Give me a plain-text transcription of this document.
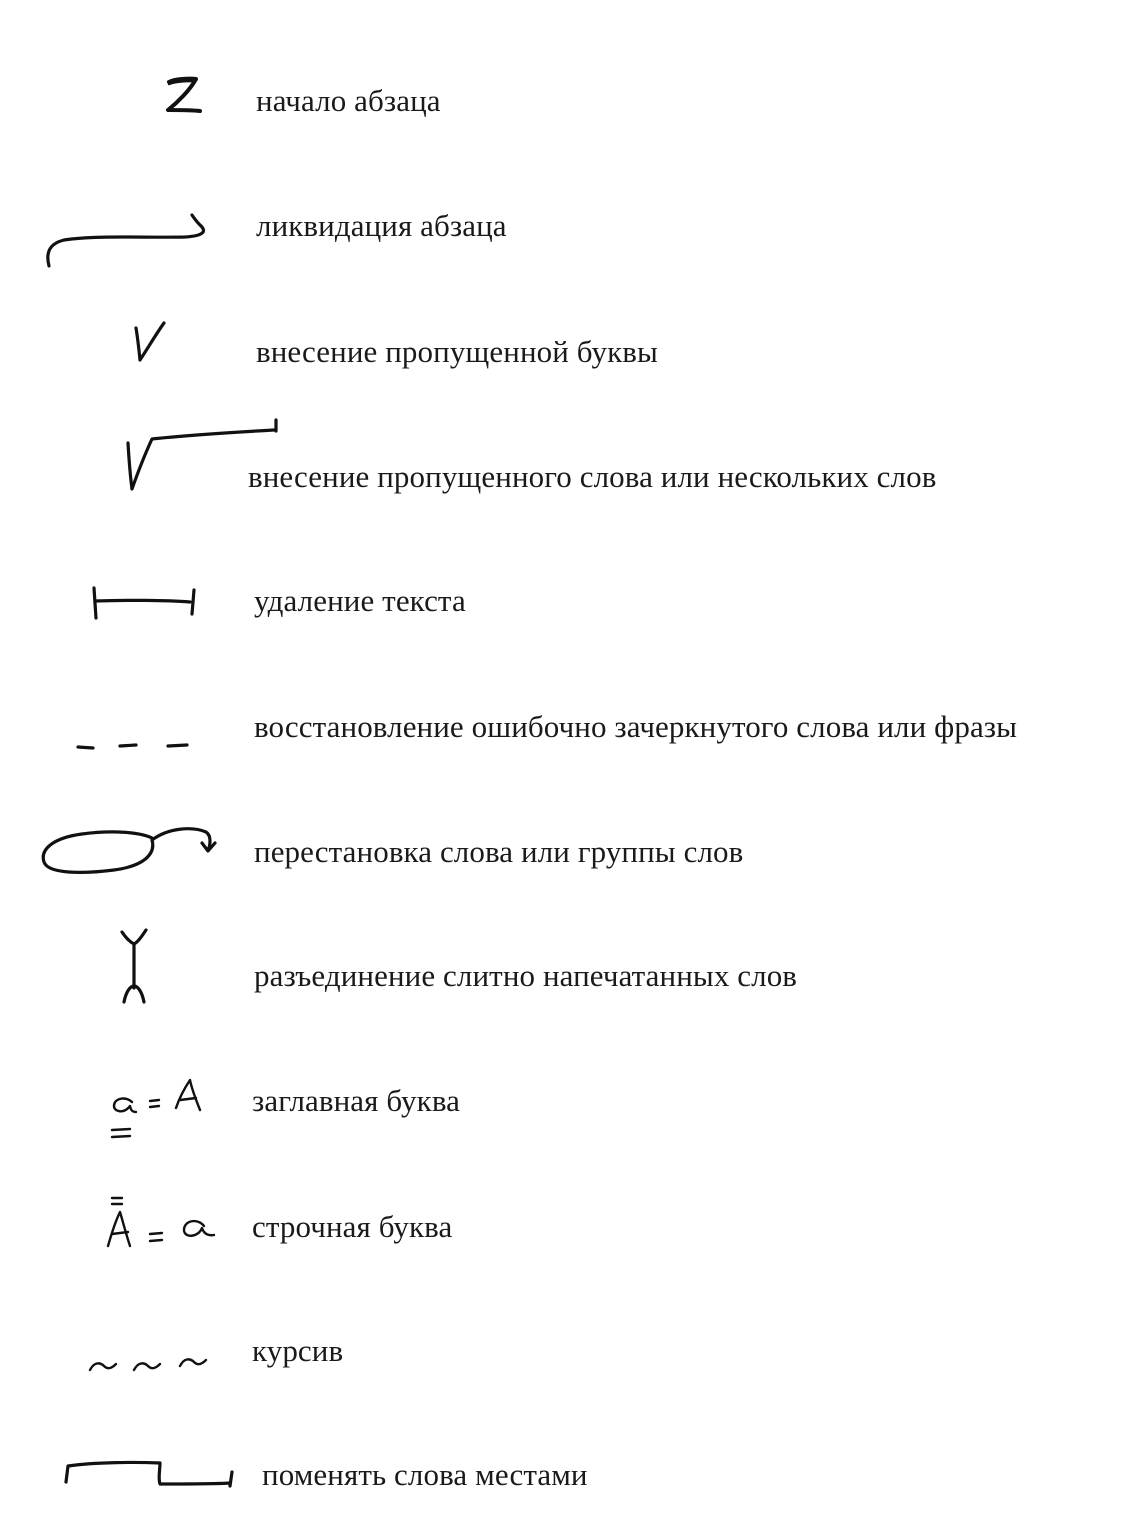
начало абзаца
ликвидация абзаца
внесение пропущенной буквы
внесение пропущенного слова или нескольких слов
удаление текста
восстановление ошибочно зачеркнутого слова или фразы
перестановка слова или группы слов
разъединение слитно напечатанных слов
заглавная буква
строчная буква
курсив
поменять слова местами
